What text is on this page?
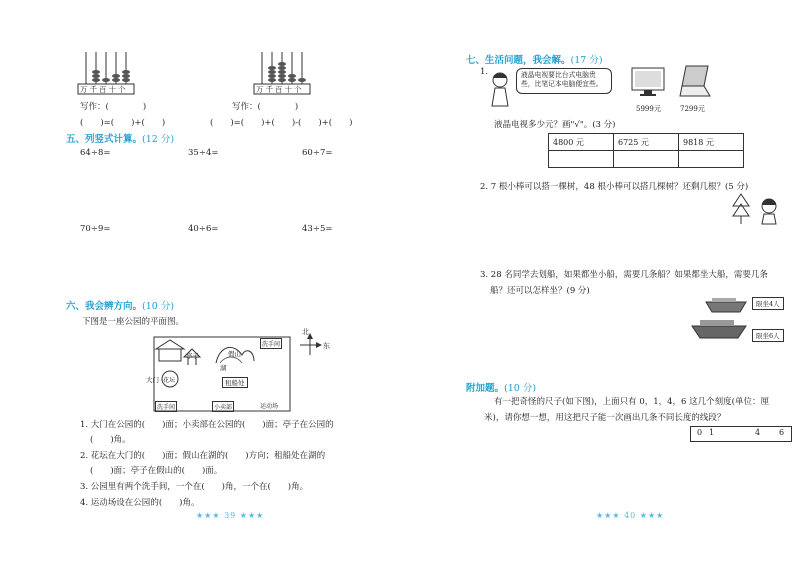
万千百十个	万千百十个
写作：(　　　　)	写作：(　　　　)
(　　)=(　　)+(　　)	(　　)=(　　)+(　　)-(　　)+(　　)
五、列竖式计算。(12 分)
64÷8=	35÷4=	60÷7=
70÷9=	40÷6=	43÷5=
六、我会辨方向。(10 分)
下图是一座公园的平面图。
北
东
亭子	假山
湖
花坛	租船处
大门
洗手间
洗手间	小卖部	运动场
1. 大门在公园的(　　)面；小卖部在公园的(　　)面；亭子在公园的
(　　)角。
2. 花坛在大门的(　　)面；假山在湖的(　　)方向；租船处在湖的
(　　)面；亭子在假山的(　　)面。
3. 公园里有两个洗手间，一个在(　　)角，一个在(　　)角。
4. 运动场设在公园的(　　)角。
★★★ 39 ★★★
七、生活问题，我会解。(17 分)
1.	液晶电视要比台式电脑贵些，比笔记本电脑便宜些。
5999元	7299元
液晶电视多少元？画"√"。(3 分)
4800 元	6725 元	9818 元

2. 7 根小棒可以搭一棵树，48 根小棒可以搭几棵树？还剩几根？(5 分)
3. 28 名同学去划船，如果都坐小船，需要几条船？如果都坐大船，需要几条
船？还可以怎样坐？(9 分)
限坐4人
限坐6人
附加题。(10 分)
有一把奇怪的尺子(如下图)，上面只有 0，1，4，6 这几个刻度(单位：厘
米)，请你想一想，用这把尺子能一次画出几条不同长度的线段？
0 1	4 6
★★★ 40 ★★★
